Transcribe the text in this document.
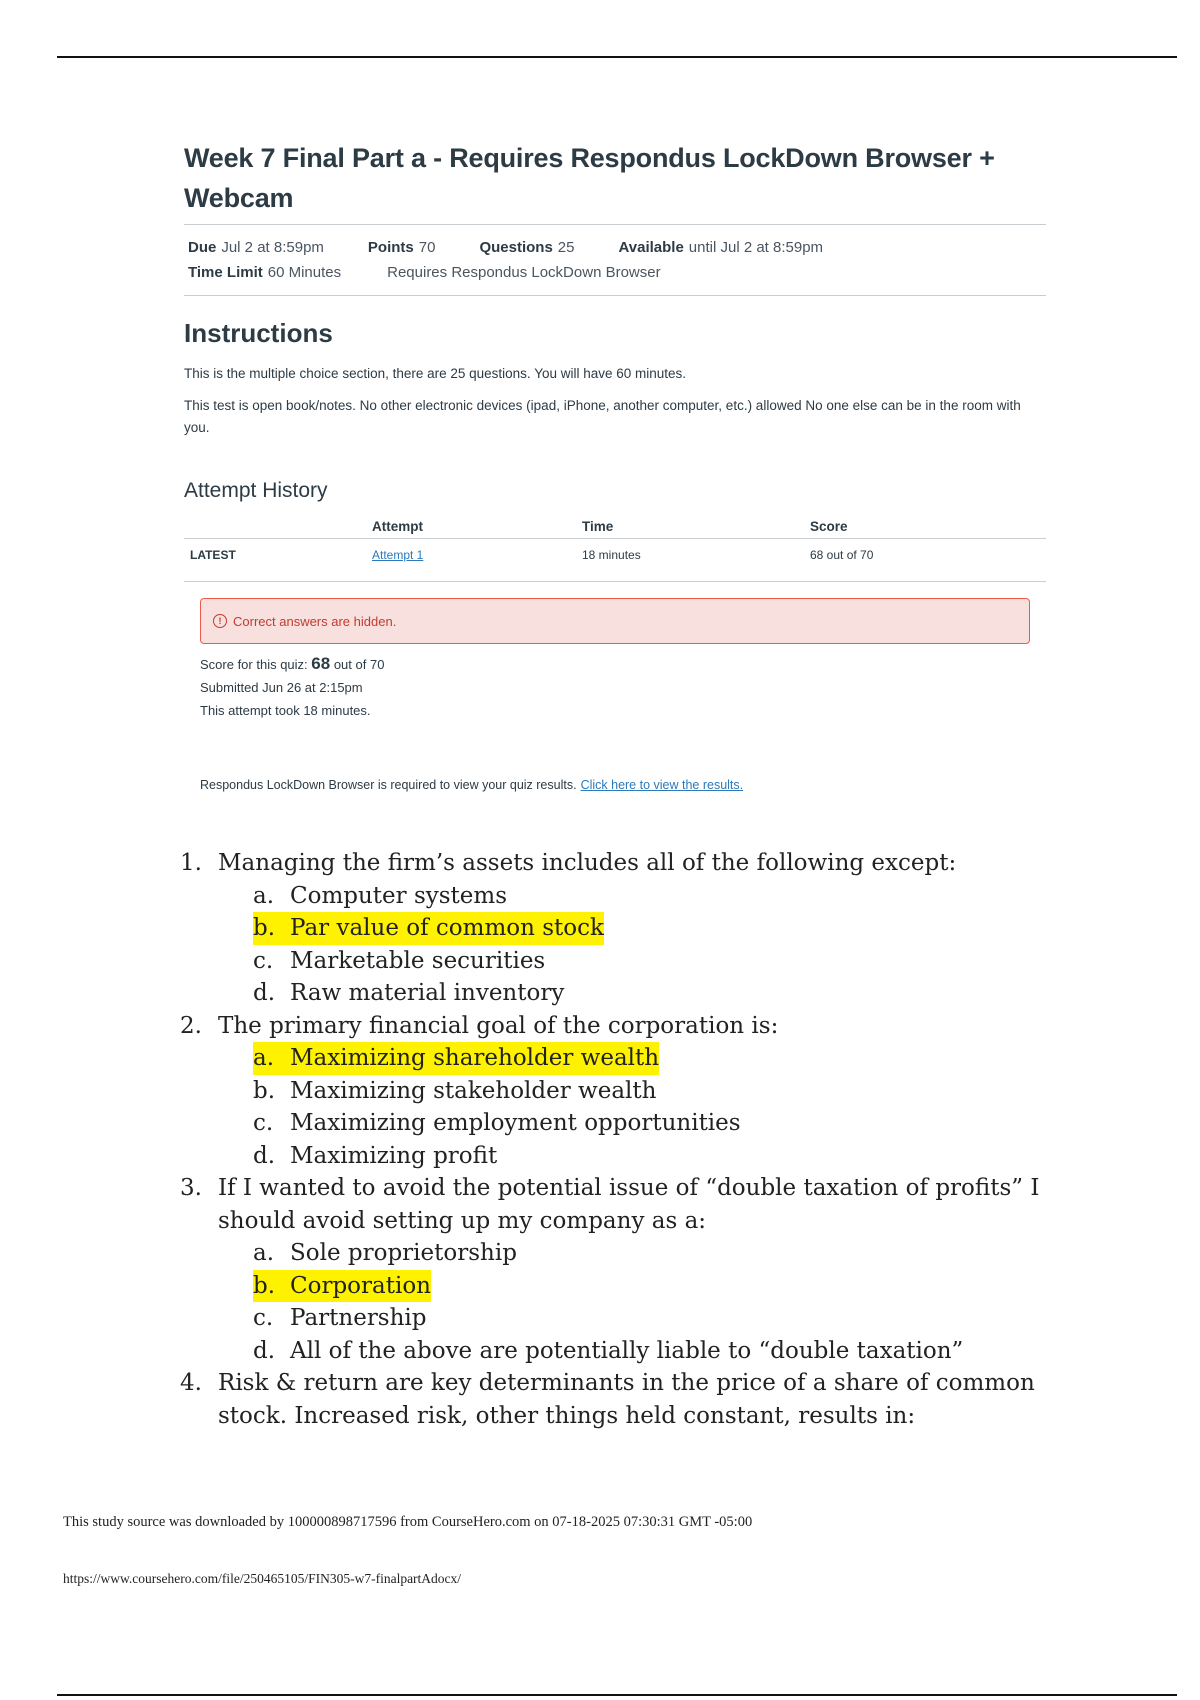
Week 7 Final Part a - Requires Respondus LockDown Browser + Webcam
Due Jul 2 at 8:59pm	Points 70	Questions 25	Available until Jul 2 at 8:59pm
Time Limit 60 Minutes	Requires Respondus LockDown Browser
Instructions

This is the multiple choice section, there are 25 questions. You will have 60 minutes.

This test is open book/notes. No other electronic devices (ipad, iPhone, another computer, etc.) allowed No one else can be in the room with you.

Attempt History
	Attempt	Time	Score
LATEST	Attempt 1	18 minutes	68 out of 70
! Correct answers are hidden.
Score for this quiz: 68 out of 70
Submitted Jun 26 at 2:15pm
This attempt took 18 minutes.
Respondus LockDown Browser is required to view your quiz results. Click here to view the results.
1. Managing the firm’s assets includes all of the following except:
a. Computer systems
b. Par value of common stock
c. Marketable securities
d. Raw material inventory
2. The primary financial goal of the corporation is:
a. Maximizing shareholder wealth
b. Maximizing stakeholder wealth
c. Maximizing employment opportunities
d. Maximizing profit
3. If I wanted to avoid the potential issue of “double taxation of profits” I should avoid setting up my company as a:
a. Sole proprietorship
b. Corporation
c. Partnership
d. All of the above are potentially liable to “double taxation”
4. Risk & return are key determinants in the price of a share of common stock. Increased risk, other things held constant, results in:
This study source was downloaded by 100000898717596 from CourseHero.com on 07-18-2025 07:30:31 GMT -05:00
https://www.coursehero.com/file/250465105/FIN305-w7-finalpartAdocx/
